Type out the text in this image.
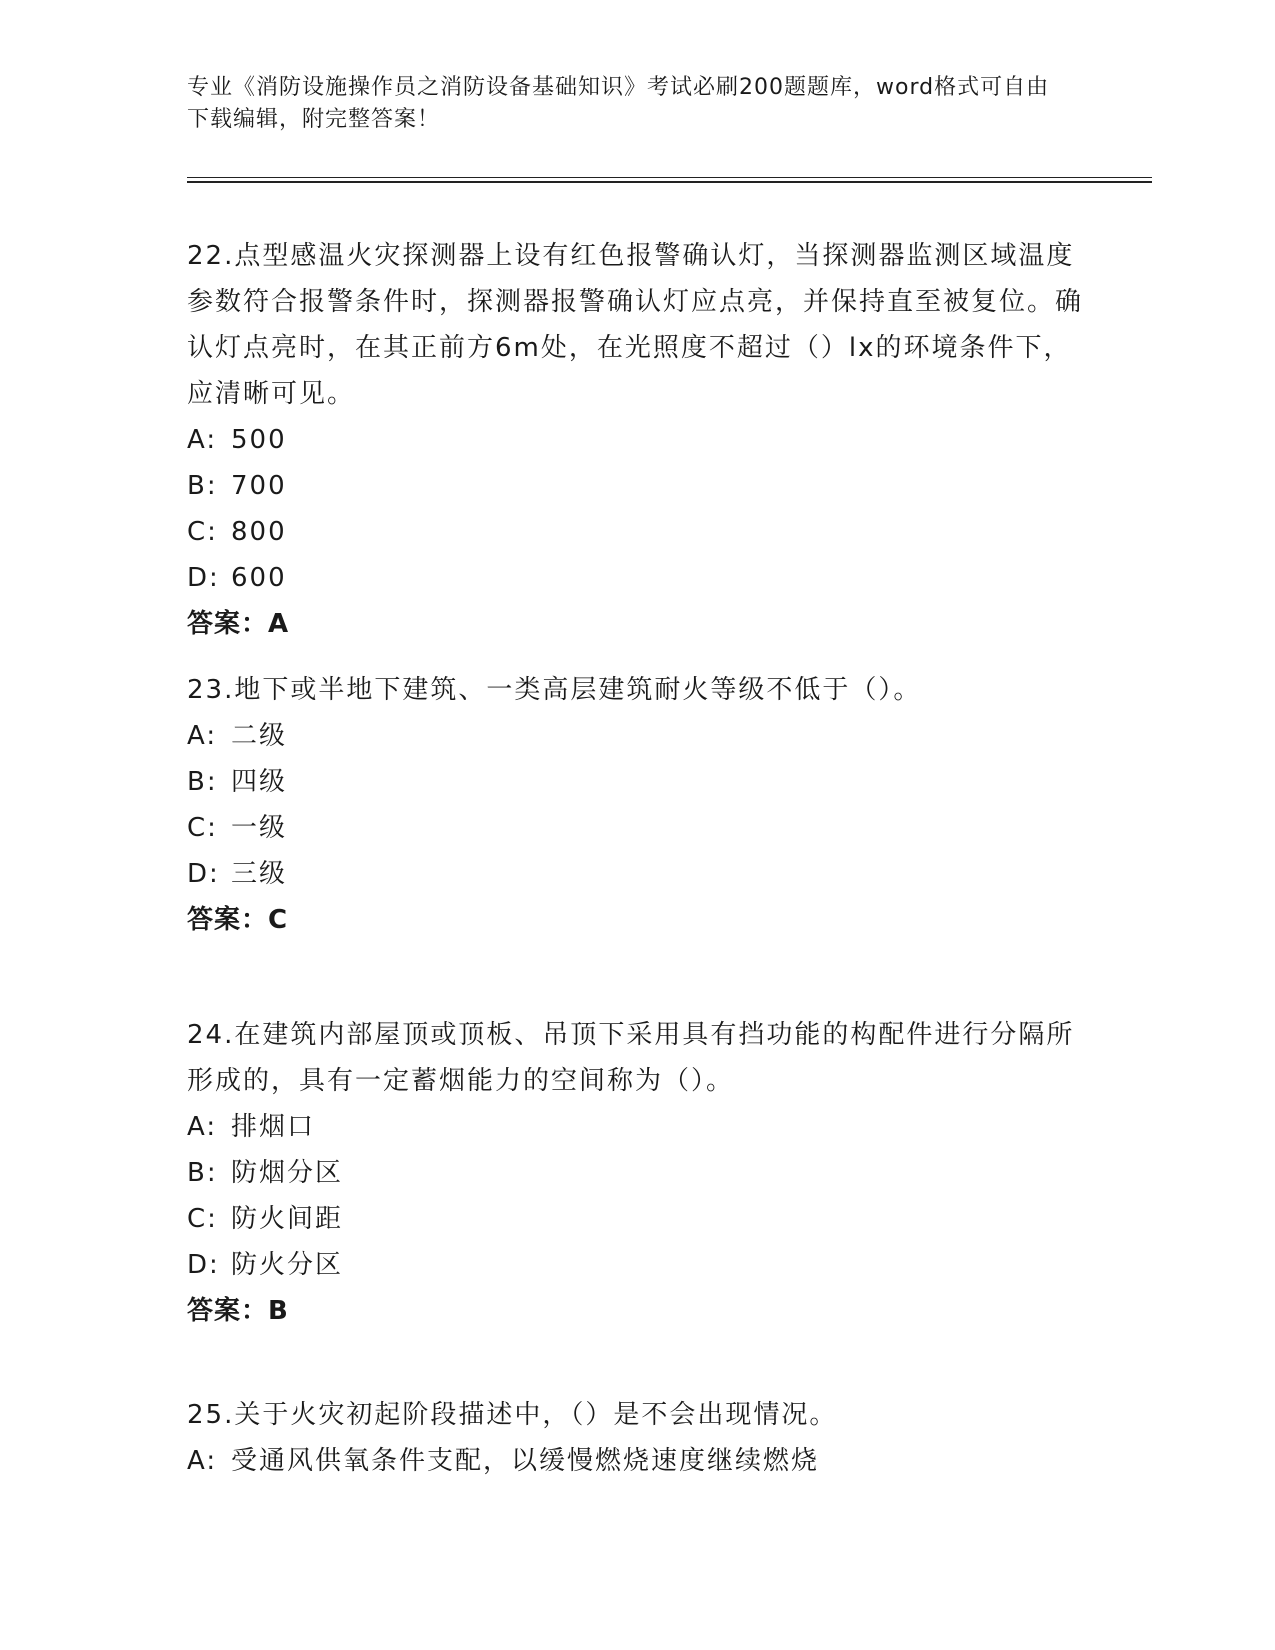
专业《消防设施操作员之消防设备基础知识》考试必刷200题题库，word格式可自由下载编辑，附完整答案！

22.点型感温火灾探测器上设有红色报警确认灯，当探测器监测区域温度参数符合报警条件时，探测器报警确认灯应点亮，并保持直至被复位。确认灯点亮时，在其正前方6m处，在光照度不超过（）lx的环境条件下，应清晰可见。

A: 500
B: 700
C: 800
D: 600
答案：A

23.地下或半地下建筑、一类高层建筑耐火等级不低于（）。

A: 二级
B: 四级
C: 一级
D: 三级
答案：C

24.在建筑内部屋顶或顶板、吊顶下采用具有挡功能的构配件进行分隔所形成的，具有一定蓄烟能力的空间称为（）。

A: 排烟口
B: 防烟分区
C: 防火间距
D: 防火分区
答案：B

25.关于火灾初起阶段描述中，（）是不会出现情况。

A: 受通风供氧条件支配，以缓慢燃烧速度继续燃烧
